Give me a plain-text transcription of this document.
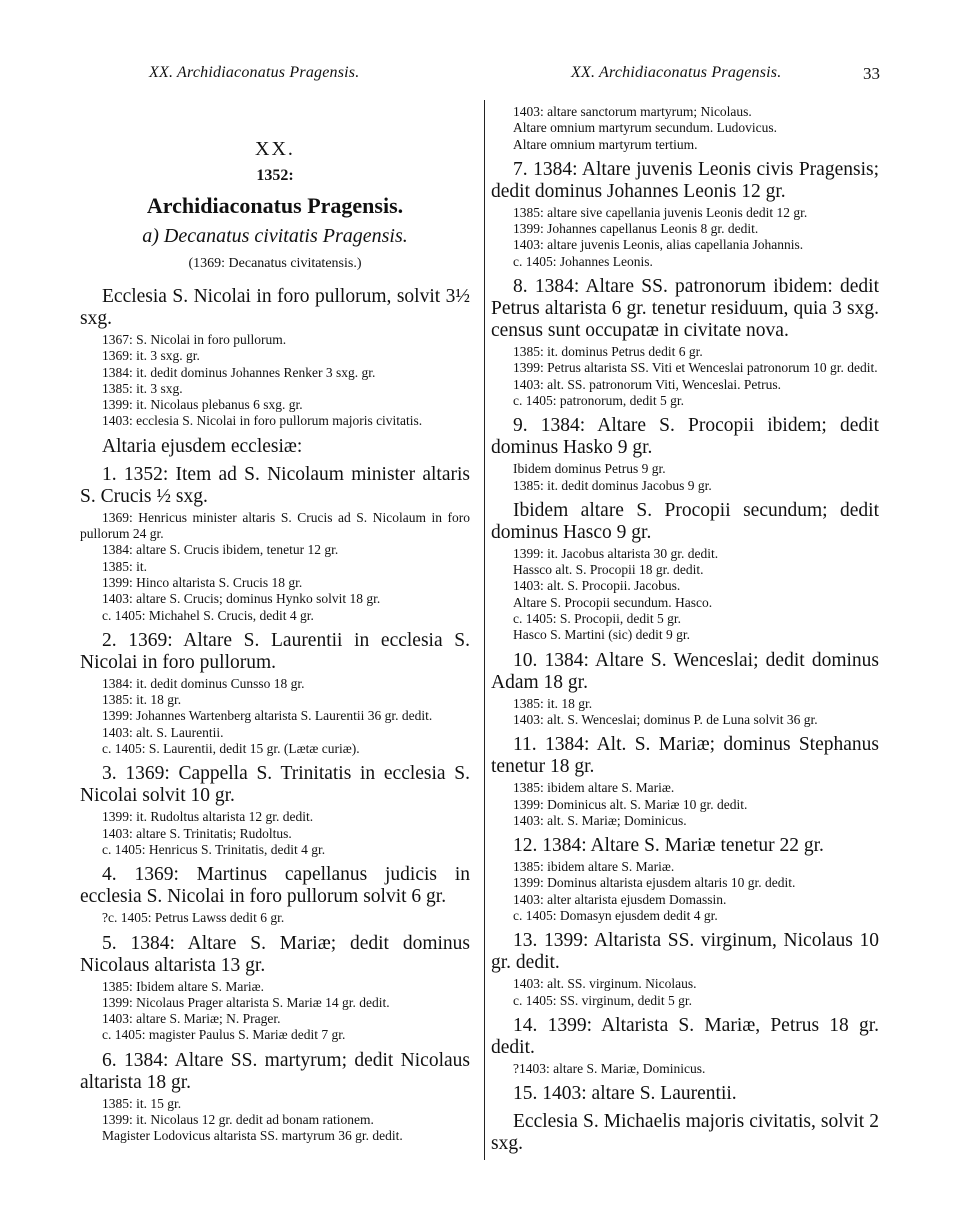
XX. Archidiaconatus Pragensis.	XX. Archidiaconatus Pragensis.	33
XX.
1352:
Archidiaconatus Pragensis.
a) Decanatus civitatis Pragensis.
(1369: Decanatus civitatensis.)

Ecclesia S. Nicolai in foro pullorum, solvit 3½ sxg.

1367: S. Nicolai in foro pullorum.

1369: it. 3 sxg. gr.

1384: it. dedit dominus Johannes Renker 3 sxg. gr.

1385: it. 3 sxg.

1399: it. Nicolaus plebanus 6 sxg. gr.

1403: ecclesia S. Nicolai in foro pullorum majoris civitatis.

Altaria ejusdem ecclesiæ:

1. 1352: Item ad S. Nicolaum minister altaris S. Crucis ½ sxg.

1369: Henricus minister altaris S. Crucis ad S. Nicolaum in foro pullorum 24 gr.

1384: altare S. Crucis ibidem, tenetur 12 gr.

1385: it.

1399: Hinco altarista S. Crucis 18 gr.

1403: altare S. Crucis; dominus Hynko solvit 18 gr.

c. 1405: Michahel S. Crucis, dedit 4 gr.

2. 1369: Altare S. Laurentii in ecclesia S. Nicolai in foro pullorum.

1384: it. dedit dominus Cunsso 18 gr.

1385: it. 18 gr.

1399: Johannes Wartenberg altarista S. Laurentii 36 gr. dedit.

1403: alt. S. Laurentii.

c. 1405: S. Laurentii, dedit 15 gr. (Lætæ curiæ).

3. 1369: Cappella S. Trinitatis in ecclesia S. Nicolai solvit 10 gr.

1399: it. Rudoltus altarista 12 gr. dedit.

1403: altare S. Trinitatis; Rudoltus.

c. 1405: Henricus S. Trinitatis, dedit 4 gr.

4. 1369: Martinus capellanus judicis in ecclesia S. Nicolai in foro pullorum solvit 6 gr.

?c. 1405: Petrus Lawss dedit 6 gr.

5. 1384: Altare S. Mariæ; dedit dominus Nicolaus altarista 13 gr.

1385: Ibidem altare S. Mariæ.

1399: Nicolaus Prager altarista S. Mariæ 14 gr. dedit.

1403: altare S. Mariæ; N. Prager.

c. 1405: magister Paulus S. Mariæ dedit 7 gr.

6. 1384: Altare SS. martyrum; dedit Nicolaus altarista 18 gr.

1385: it. 15 gr.

1399: it. Nicolaus 12 gr. dedit ad bonam rationem.

Magister Lodovicus altarista SS. martyrum 36 gr. dedit.

1403: altare sanctorum martyrum; Nicolaus.

Altare omnium martyrum secundum. Ludovicus.

Altare omnium martyrum tertium.

7. 1384: Altare juvenis Leonis civis Pragensis; dedit dominus Johannes Leonis 12 gr.

1385: altare sive capellania juvenis Leonis dedit 12 gr.

1399: Johannes capellanus Leonis 8 gr. dedit.

1403: altare juvenis Leonis, alias capellania Johannis.

c. 1405: Johannes Leonis.

8. 1384: Altare SS. patronorum ibidem: dedit Petrus altarista 6 gr. tenetur residuum, quia 3 sxg. census sunt occupatæ in civitate nova.

1385: it. dominus Petrus dedit 6 gr.

1399: Petrus altarista SS. Viti et Wenceslai patronorum 10 gr. dedit.

1403: alt. SS. patronorum Viti, Wenceslai. Petrus.

c. 1405: patronorum, dedit 5 gr.

9. 1384: Altare S. Procopii ibidem; dedit dominus Hasko 9 gr.

Ibidem dominus Petrus 9 gr.

1385: it. dedit dominus Jacobus 9 gr.

Ibidem altare S. Procopii secundum; dedit dominus Hasco 9 gr.

1399: it. Jacobus altarista 30 gr. dedit.

Hassco alt. S. Procopii 18 gr. dedit.

1403: alt. S. Procopii. Jacobus.

Altare S. Procopii secundum. Hasco.

c. 1405: S. Procopii, dedit 5 gr.

Hasco S. Martini (sic) dedit 9 gr.

10. 1384: Altare S. Wenceslai; dedit dominus Adam 18 gr.

1385: it. 18 gr.

1403: alt. S. Wenceslai; dominus P. de Luna solvit 36 gr.

11. 1384: Alt. S. Mariæ; dominus Stephanus tenetur 18 gr.

1385: ibidem altare S. Mariæ.

1399: Dominicus alt. S. Mariæ 10 gr. dedit.

1403: alt. S. Mariæ; Dominicus.

12. 1384: Altare S. Mariæ tenetur 22 gr.

1385: ibidem altare S. Mariæ.

1399: Dominus altarista ejusdem altaris 10 gr. dedit.

1403: alter altarista ejusdem Domassin.

c. 1405: Domasyn ejusdem dedit 4 gr.

13. 1399: Altarista SS. virginum, Nicolaus 10 gr. dedit.

1403: alt. SS. virginum. Nicolaus.

c. 1405: SS. virginum, dedit 5 gr.

14. 1399: Altarista S. Mariæ, Petrus 18 gr. dedit.

?1403: altare S. Mariæ, Dominicus.

15. 1403: altare S. Laurentii.

Ecclesia S. Michaelis majoris civitatis, solvit 2 sxg.
